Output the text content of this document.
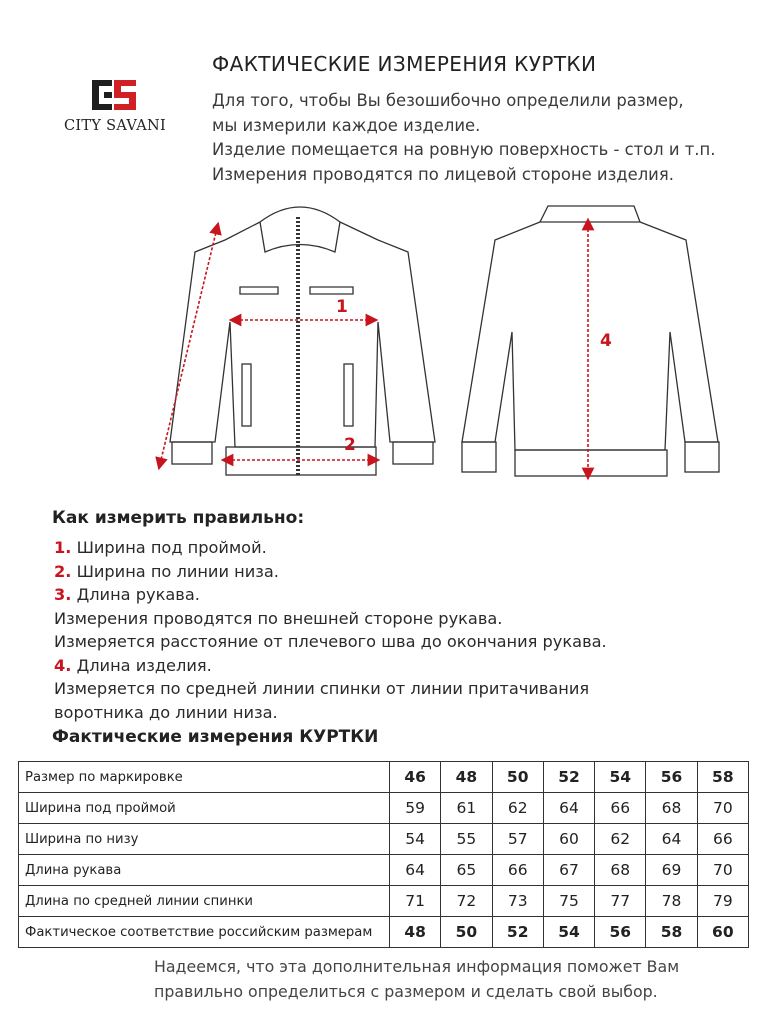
CITY SAVANI
ФАКТИЧЕСКИЕ ИЗМЕРЕНИЯ КУРТКИ
Для того, чтобы Вы безошибочно определили размер,
мы измерили каждое изделие.
Изделие помещается на ровную поверхность - стол и т.п.
Измерения проводятся по лицевой стороне изделия.
1
2
4
Как измерить правильно:
1. Ширина под проймой.
2. Ширина по линии низа.
3. Длина рукава.
Измерения проводятся по внешней стороне рукава.
Измеряется расстояние от плечевого шва до окончания рукава.
4. Длина изделия.
Измеряется по средней линии спинки от линии притачивания
воротника до линии низа.
Фактические измерения КУРТКИ
Размер по маркировке	46	48	50	52	54	56	58
Ширина под проймой	59	61	62	64	66	68	70
Ширина по низу	54	55	57	60	62	64	66
Длина рукава	64	65	66	67	68	69	70
Длина по средней линии спинки	71	72	73	75	77	78	79
Фактическое соответствие российским размерам	48	50	52	54	56	58	60
Надеемся, что эта дополнительная информация поможет Вам
правильно определиться с размером и сделать свой выбор.
